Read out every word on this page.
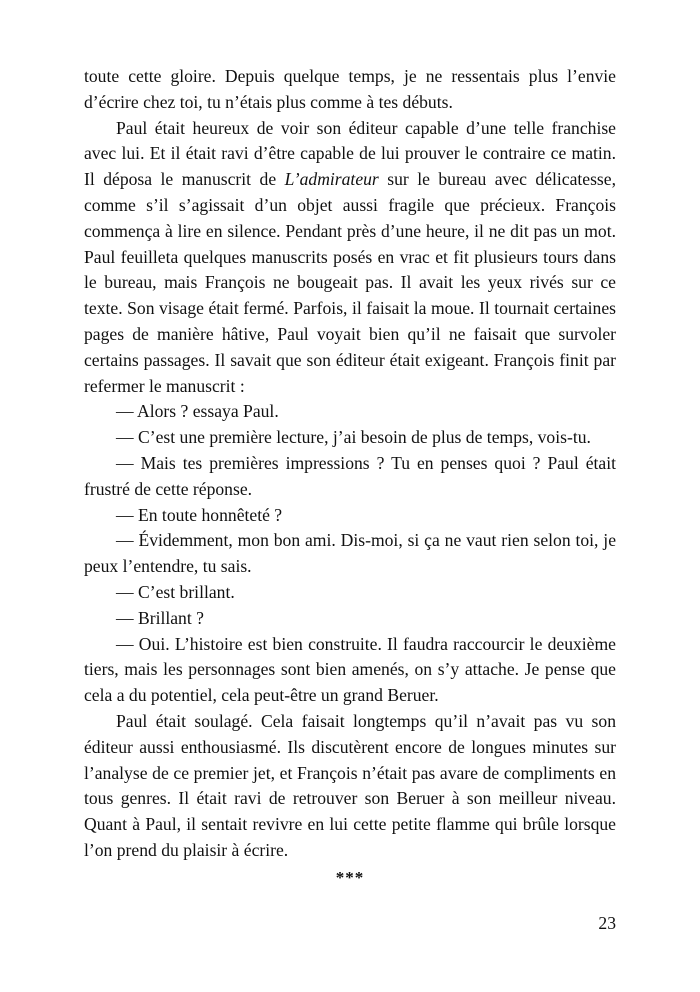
toute cette gloire. Depuis quelque temps, je ne ressentais plus l’envie d’écrire chez toi, tu n’étais plus comme à tes débuts.

Paul était heureux de voir son éditeur capable d’une telle franchise avec lui. Et il était ravi d’être capable de lui prouver le contraire ce matin. Il déposa le manuscrit de L’admirateur sur le bureau avec délicatesse, comme s’il s’agissait d’un objet aussi fragile que précieux. François commença à lire en silence. Pendant près d’une heure, il ne dit pas un mot. Paul feuilleta quelques manuscrits posés en vrac et fit plusieurs tours dans le bureau, mais François ne bougeait pas. Il avait les yeux rivés sur ce texte. Son visage était fermé. Parfois, il faisait la moue. Il tournait certaines pages de manière hâtive, Paul voyait bien qu’il ne faisait que survoler certains passages. Il savait que son éditeur était exigeant. François finit par refermer le manuscrit :

— Alors ? essaya Paul.

— C’est une première lecture, j’ai besoin de plus de temps, vois-tu.

— Mais tes premières impressions ? Tu en penses quoi ? Paul était frustré de cette réponse.

— En toute honnêteté ?

— Évidemment, mon bon ami. Dis-moi, si ça ne vaut rien selon toi, je peux l’entendre, tu sais.

— C’est brillant.

— Brillant ?

— Oui. L’histoire est bien construite. Il faudra raccourcir le deuxième tiers, mais les personnages sont bien amenés, on s’y attache. Je pense que cela a du potentiel, cela peut-être un grand Beruer.

Paul était soulagé. Cela faisait longtemps qu’il n’avait pas vu son éditeur aussi enthousiasmé. Ils discutèrent encore de longues minutes sur l’analyse de ce premier jet, et François n’était pas avare de compliments en tous genres. Il était ravi de retrouver son Beruer à son meilleur niveau. Quant à Paul, il sentait revivre en lui cette petite flamme qui brûle lorsque l’on prend du plaisir à écrire.

***
23
